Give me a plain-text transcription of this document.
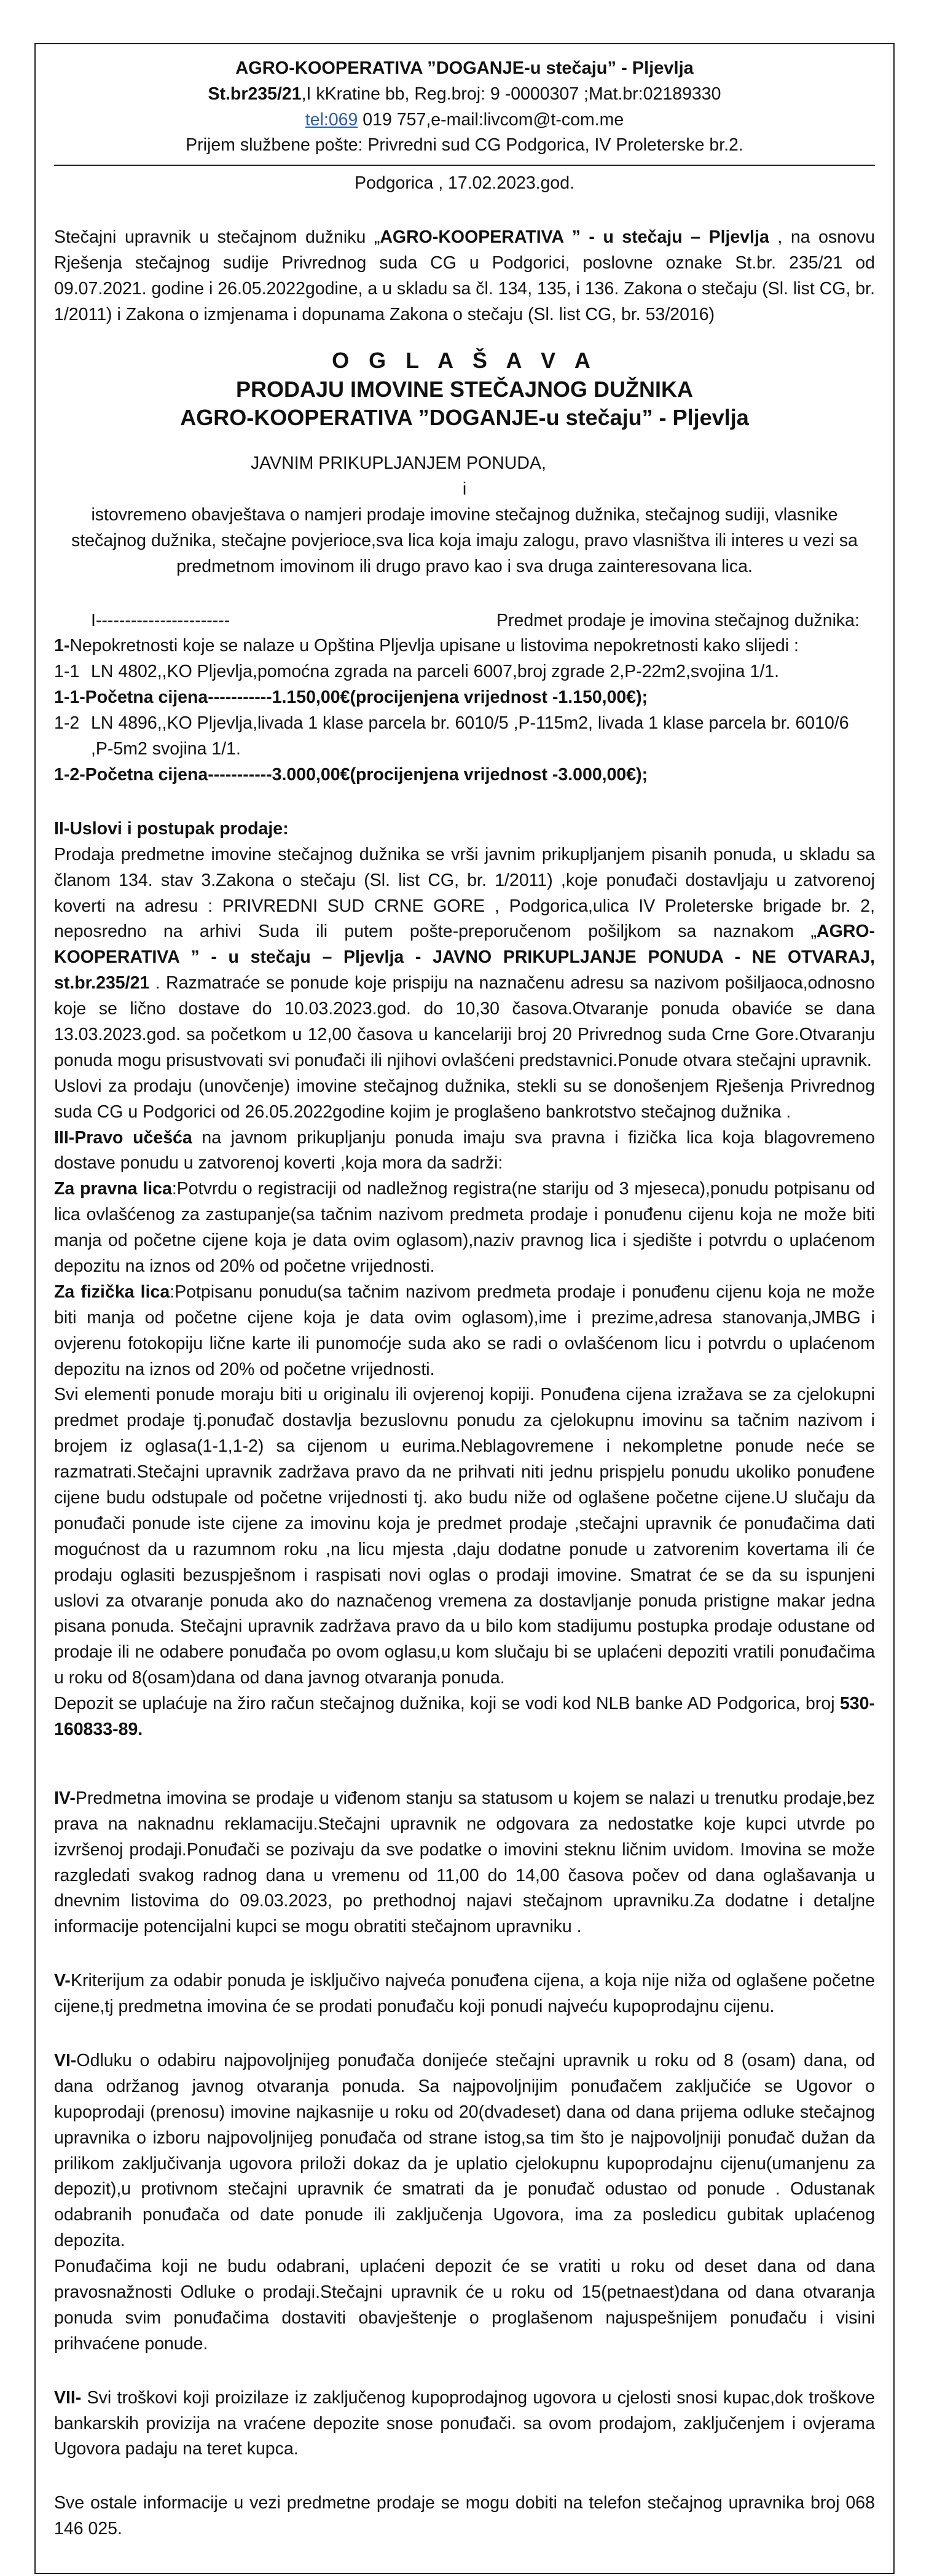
AGRO-KOOPERATIVA ”DOGANJE-u stečaju” - Pljevlja
St.br235/21,I kKratine bb, Reg.broj: 9 -0000307 ;Mat.br:02189330
tel:069 019 757,e-mail:livcom@t-com.me
Prijem službene pošte: Privredni sud CG Podgorica, IV Proleterske br.2.
Podgorica , 17.02.2023.god.

Stečajni upravnik u stečajnom dužniku „AGRO-KOOPERATIVA ” - u stečaju – Pljevlja , na osnovu Rješenja stečajnog sudije Privrednog suda CG u Podgorici, poslovne oznake St.br. 235/21 od 09.07.2021. godine i 26.05.2022godine, a u skladu sa čl. 134, 135, i 136. Zakona o stečaju (Sl. list CG, br. 1/2011) i Zakona o izmjenama i dopunama Zakona o stečaju (Sl. list CG, br. 53/2016)

O G L A Š A V A
PRODAJU IMOVINE STEČAJNOG DUŽNIKA
AGRO-KOOPERATIVA ”DOGANJE-u stečaju” - Pljevlja
JAVNIM PRIKUPLJANJEM PONUDA,
i
istovremeno obavještava o namjeri prodaje imovine stečajnog dužnika, stečajnog sudiji, vlasnike stečajnog dužnika, stečajne povjerioce,sva lica koja imaju zalogu, pravo vlasništva ili interes u vezi sa predmetnom imovinom ili drugo pravo kao i sva druga zainteresovana lica.
I-----------------------	Predmet prodaje je imovina stečajnog dužnika:
1-Nepokretnosti koje se nalaze u Opština Pljevlja upisane u listovima nepokretnosti kako slijedi :
1-1 LN 4802,,KO Pljevlja,pomoćna zgrada na parceli 6007,broj zgrade 2,P-22m2,svojina 1/1.
1-1-Početna cijena-----------1.150,00€(procijenjena vrijednost -1.150,00€);
1-2 LN 4896,,KO Pljevlja,livada 1 klase parcela br. 6010/5 ,P-115m2, livada 1 klase parcela br. 6010/6 ,P-5m2 svojina 1/1.
1-2-Početna cijena-----------3.000,00€(procijenjena vrijednost -3.000,00€);
II-Uslovi i postupak prodaje:

Prodaja predmetne imovine stečajnog dužnika se vrši javnim prikupljanjem pisanih ponuda, u skladu sa članom 134. stav 3.Zakona o stečaju (Sl. list CG, br. 1/2011) ,koje ponuđači dostavljaju u zatvorenoj koverti na adresu : PRIVREDNI SUD CRNE GORE , Podgorica,ulica IV Proleterske brigade br. 2, neposredno na arhivi Suda ili putem pošte-preporučenom pošiljkom sa naznakom „AGRO-KOOPERATIVA ” - u stečaju – Pljevlja - JAVNO PRIKUPLJANJE PONUDA - NE OTVARAJ, st.br.235/21 . Razmatraće se ponude koje prispiju na naznačenu adresu sa nazivom pošiljaoca,odnosno koje se lično dostave do 10.03.2023.god. do 10,30 časova.Otvaranje ponuda obaviće se dana 13.03.2023.god. sa početkom u 12,00 časova u kancelariji broj 20 Privrednog suda Crne Gore.Otvaranju ponuda mogu prisustvovati svi ponuđači ili njihovi ovlašćeni predstavnici.Ponude otvara stečajni upravnik.

Uslovi za prodaju (unovčenje) imovine stečajnog dužnika, stekli su se donošenjem Rješenja Privrednog suda CG u Podgorici od 26.05.2022godine kojim je proglašeno bankrotstvo stečajnog dužnika .

III-Pravo učešća na javnom prikupljanju ponuda imaju sva pravna i fizička lica koja blagovremeno dostave ponudu u zatvorenoj koverti ,koja mora da sadrži:

Za pravna lica:Potvrdu o registraciji od nadležnog registra(ne stariju od 3 mjeseca),ponudu potpisanu od lica ovlašćenog za zastupanje(sa tačnim nazivom predmeta prodaje i ponuđenu cijenu koja ne može biti manja od početne cijene koja je data ovim oglasom),naziv pravnog lica i sjedište i potvrdu o uplaćenom depozitu na iznos od 20% od početne vrijednosti.

Za fizička lica:Potpisanu ponudu(sa tačnim nazivom predmeta prodaje i ponuđenu cijenu koja ne može biti manja od početne cijene koja je data ovim oglasom),ime i prezime,adresa stanovanja,JMBG i ovjerenu fotokopiju lične karte ili punomoćje suda ako se radi o ovlašćenom licu i potvrdu o uplaćenom depozitu na iznos od 20% od početne vrijednosti.

Svi elementi ponude moraju biti u originalu ili ovjerenoj kopiji. Ponuđena cijena izražava se za cjelokupni predmet prodaje tj.ponuđač dostavlja bezuslovnu ponudu za cjelokupnu imovinu sa tačnim nazivom i brojem iz oglasa(1-1,1-2) sa cijenom u eurima.Neblagovremene i nekompletne ponude neće se razmatrati.Stečajni upravnik zadržava pravo da ne prihvati niti jednu prispjelu ponudu ukoliko ponuđene cijene budu odstupale od početne vrijednosti tj. ako budu niže od oglašene početne cijene.U slučaju da ponuđači ponude iste cijene za imovinu koja je predmet prodaje ,stečajni upravnik će ponuđačima dati mogućnost da u razumnom roku ,na licu mjesta ,daju dodatne ponude u zatvorenim kovertama ili će prodaju oglasiti bezuspješnom i raspisati novi oglas o prodaji imovine. Smatrat će se da su ispunjeni uslovi za otvaranje ponuda ako do naznačenog vremena za dostavljanje ponuda pristigne makar jedna pisana ponuda. Stečajni upravnik zadržava pravo da u bilo kom stadijumu postupka prodaje odustane od prodaje ili ne odabere ponuđača po ovom oglasu,u kom slučaju bi se uplaćeni depoziti vratili ponuđačima u roku od 8(osam)dana od dana javnog otvaranja ponuda.

Depozit se uplaćuje na žiro račun stečajnog dužnika, koji se vodi kod NLB banke AD Podgorica, broj 530-160833-89.

IV-Predmetna imovina se prodaje u viđenom stanju sa statusom u kojem se nalazi u trenutku prodaje,bez prava na naknadnu reklamaciju.Stečajni upravnik ne odgovara za nedostatke koje kupci utvrde po izvršenoj prodaji.Ponuđači se pozivaju da sve podatke o imovini steknu ličnim uvidom. Imovina se može razgledati svakog radnog dana u vremenu od 11,00 do 14,00 časova počev od dana oglašavanja u dnevnim listovima do 09.03.2023, po prethodnoj najavi stečajnom upravniku.Za dodatne i detaljne informacije potencijalni kupci se mogu obratiti stečajnom upravniku .

V-Kriterijum za odabir ponuda je isključivo najveća ponuđena cijena, a koja nije niža od oglašene početne cijene,tj predmetna imovina će se prodati ponuđaču koji ponudi najveću kupoprodajnu cijenu.

VI-Odluku o odabiru najpovoljnijeg ponuđača donijeće stečajni upravnik u roku od 8 (osam) dana, od dana održanog javnog otvaranja ponuda. Sa najpovoljnijim ponuđačem zaključiće se Ugovor o kupoprodaji (prenosu) imovine najkasnije u roku od 20(dvadeset) dana od dana prijema odluke stečajnog upravnika o izboru najpovoljnijeg ponuđača od strane istog,sa tim što je najpovoljniji ponuđač dužan da prilikom zaključivanja ugovora priloži dokaz da je uplatio cjelokupnu kupoprodajnu cijenu(umanjenu za depozit),u protivnom stečajni upravnik će smatrati da je ponuđač odustao od ponude . Odustanak odabranih ponuđača od date ponude ili zaključenja Ugovora, ima za posledicu gubitak uplaćenog depozita.

Ponuđačima koji ne budu odabrani, uplaćeni depozit će se vratiti u roku od deset dana od dana pravosnažnosti Odluke o prodaji.Stečajni upravnik će u roku od 15(petnaest)dana od dana otvaranja ponuda svim ponuđačima dostaviti obavještenje o proglašenom najuspešnijem ponuđaču i visini prihvaćene ponude.

VII- Svi troškovi koji proizilaze iz zaključenog kupoprodajnog ugovora u cjelosti snosi kupac,dok troškove bankarskih provizija na vraćene depozite snose ponuđači. sa ovom prodajom, zaključenjem i ovjerama Ugovora padaju na teret kupca.

Sve ostale informacije u vezi predmetne prodaje se mogu dobiti na telefon stečajnog upravnika broj 068 146 025.
